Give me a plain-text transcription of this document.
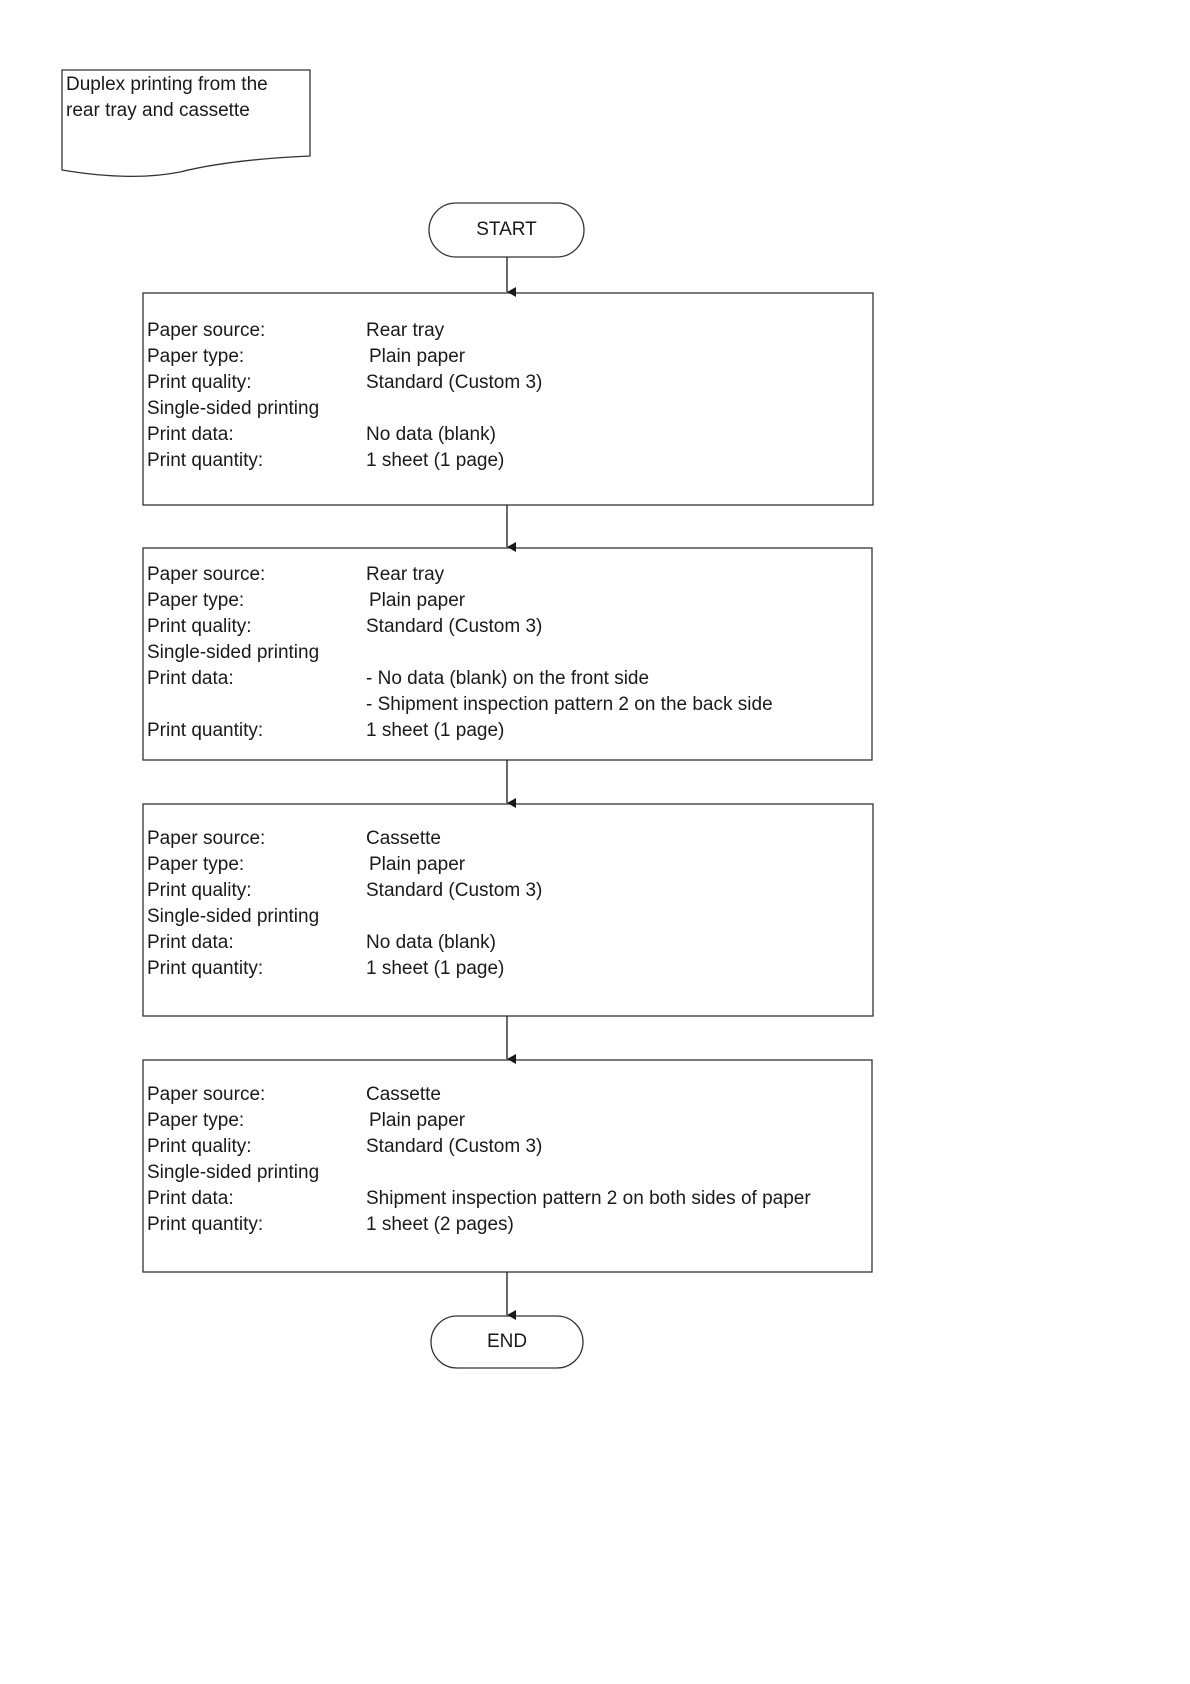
Duplex printing from the
rear tray and cassette
START
END
Paper source:	Rear tray
Paper type:	Plain paper
Print quality:	Standard (Custom 3)
Single-sided printing
Print data:	No data (blank)
Print quantity:	1 sheet (1 page)
Paper source:	Rear tray
Paper type:	Plain paper
Print quality:	Standard (Custom 3)
Single-sided printing
Print data:	- No data (blank) on the front side
- Shipment inspection pattern 2 on the back side
Print quantity:	1 sheet (1 page)
Paper source:	Cassette
Paper type:	Plain paper
Print quality:	Standard (Custom 3)
Single-sided printing
Print data:	No data (blank)
Print quantity:	1 sheet (1 page)
Paper source:	Cassette
Paper type:	Plain paper
Print quality:	Standard (Custom 3)
Single-sided printing
Print data:	Shipment inspection pattern 2 on both sides of paper
Print quantity:	1 sheet (2 pages)
